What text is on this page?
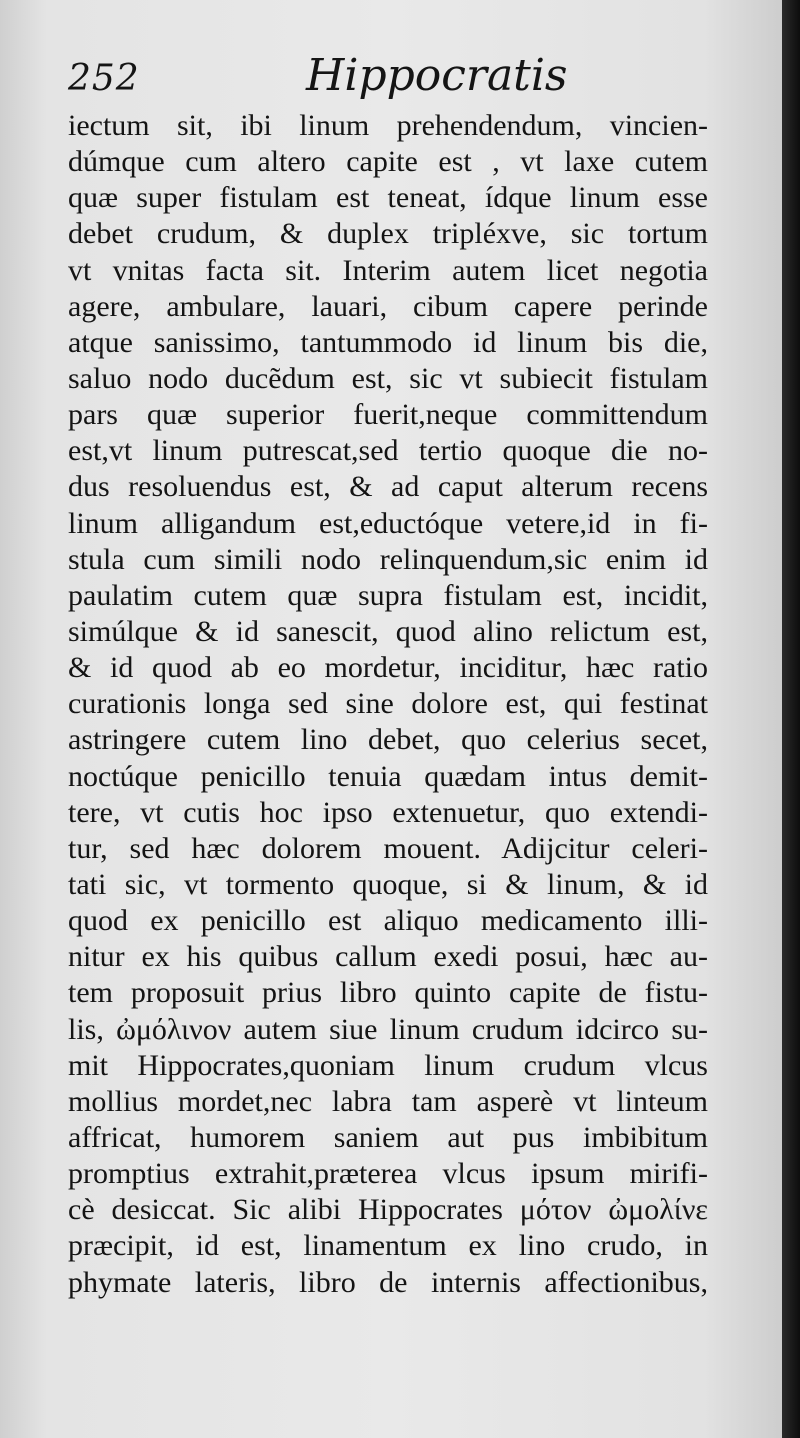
252	Hippocratis
iectum sit, ibi linum prehendendum, vincien-
dúmque cum altero capite est , vt laxe cutem
quæ super fistulam est teneat, ídque linum esse
debet crudum, & duplex tripléxve, sic tortum
vt vnitas facta sit. Interim autem licet negotia
agere, ambulare, lauari, cibum capere perinde
atque sanissimo, tantummodo id linum bis die,
saluo nodo ducẽdum est, sic vt subiecit fistulam
pars quæ superior fuerit,neque committendum
est,vt linum putrescat,sed tertio quoque die no-
dus resoluendus est, & ad caput alterum recens
linum alligandum est,eductóque vetere,id in fi-
stula cum simili nodo relinquendum,sic enim id
paulatim cutem quæ supra fistulam est, incidit,
simúlque & id sanescit, quod alino relictum est,
& id quod ab eo mordetur, inciditur, hæc ratio
curationis longa sed sine dolore est, qui festinat
astringere cutem lino debet, quo celerius secet,
noctúque penicillo tenuia quædam intus demit-
tere, vt cutis hoc ipso extenuetur, quo extendi-
tur, sed hæc dolorem mouent. Adijcitur celeri-
tati sic, vt tormento quoque, si & linum, & id
quod ex penicillo est aliquo medicamento illi-
nitur ex his quibus callum exedi posui, hæc au-
tem proposuit prius libro quinto capite de fistu-
lis, ὠμόλινον autem siue linum crudum idcirco su-
mit Hippocrates,quoniam linum crudum vlcus
mollius mordet,nec labra tam asperè vt linteum
affricat, humorem saniem aut pus imbibitum
promptius extrahit,præterea vlcus ipsum mirifi-
cè desiccat. Sic alibi Hippocrates μότον ὠμολίνε
præcipit, id est, linamentum ex lino crudo, in
phymate lateris, libro de internis affectionibus,
